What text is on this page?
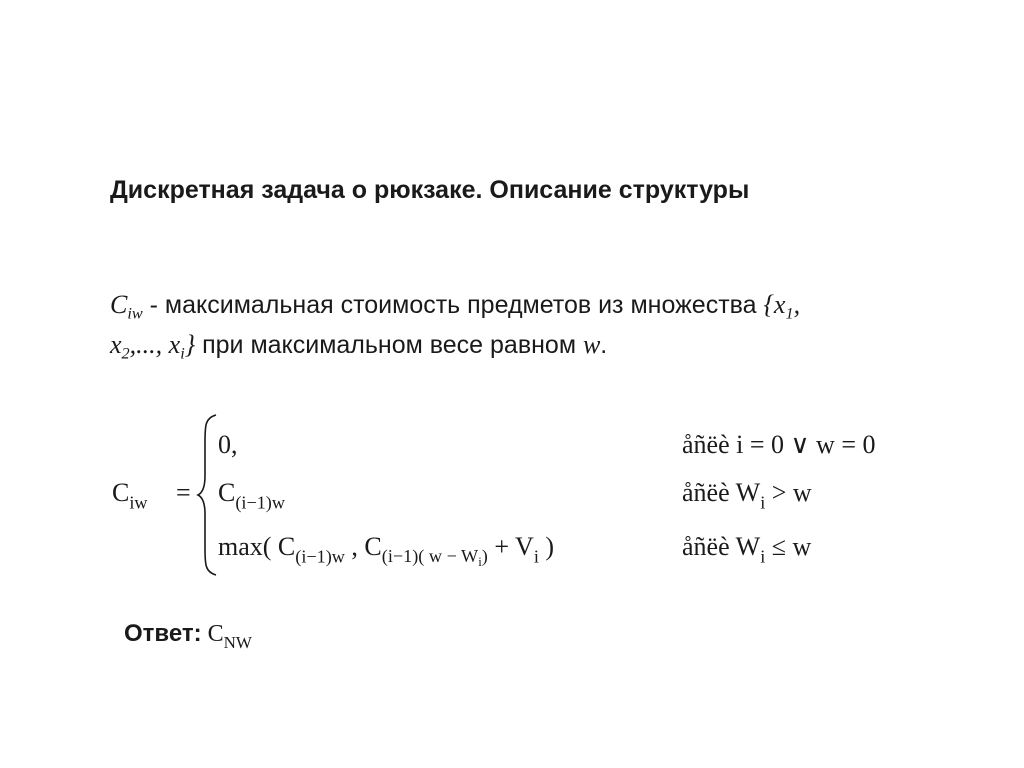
Дискретная задача о рюкзаке. Описание структуры
$C_{iw}$ - максимальная стоимость предметов из множества {$x_1$,
$x_2$,..., $x_i$} при максимальном весе равном w.
$C_{iw}$ =
0,	åñëè i = 0 ∨ w = 0
$C_{(i-1)w}$	åñëè $W_i > w$
max( $C_{(i-1)w}$ , $C_{(i-1)( w - W_i)} + V_i$ )	åñëè $W_i \le w$
Ответ: $C_{NW}$
